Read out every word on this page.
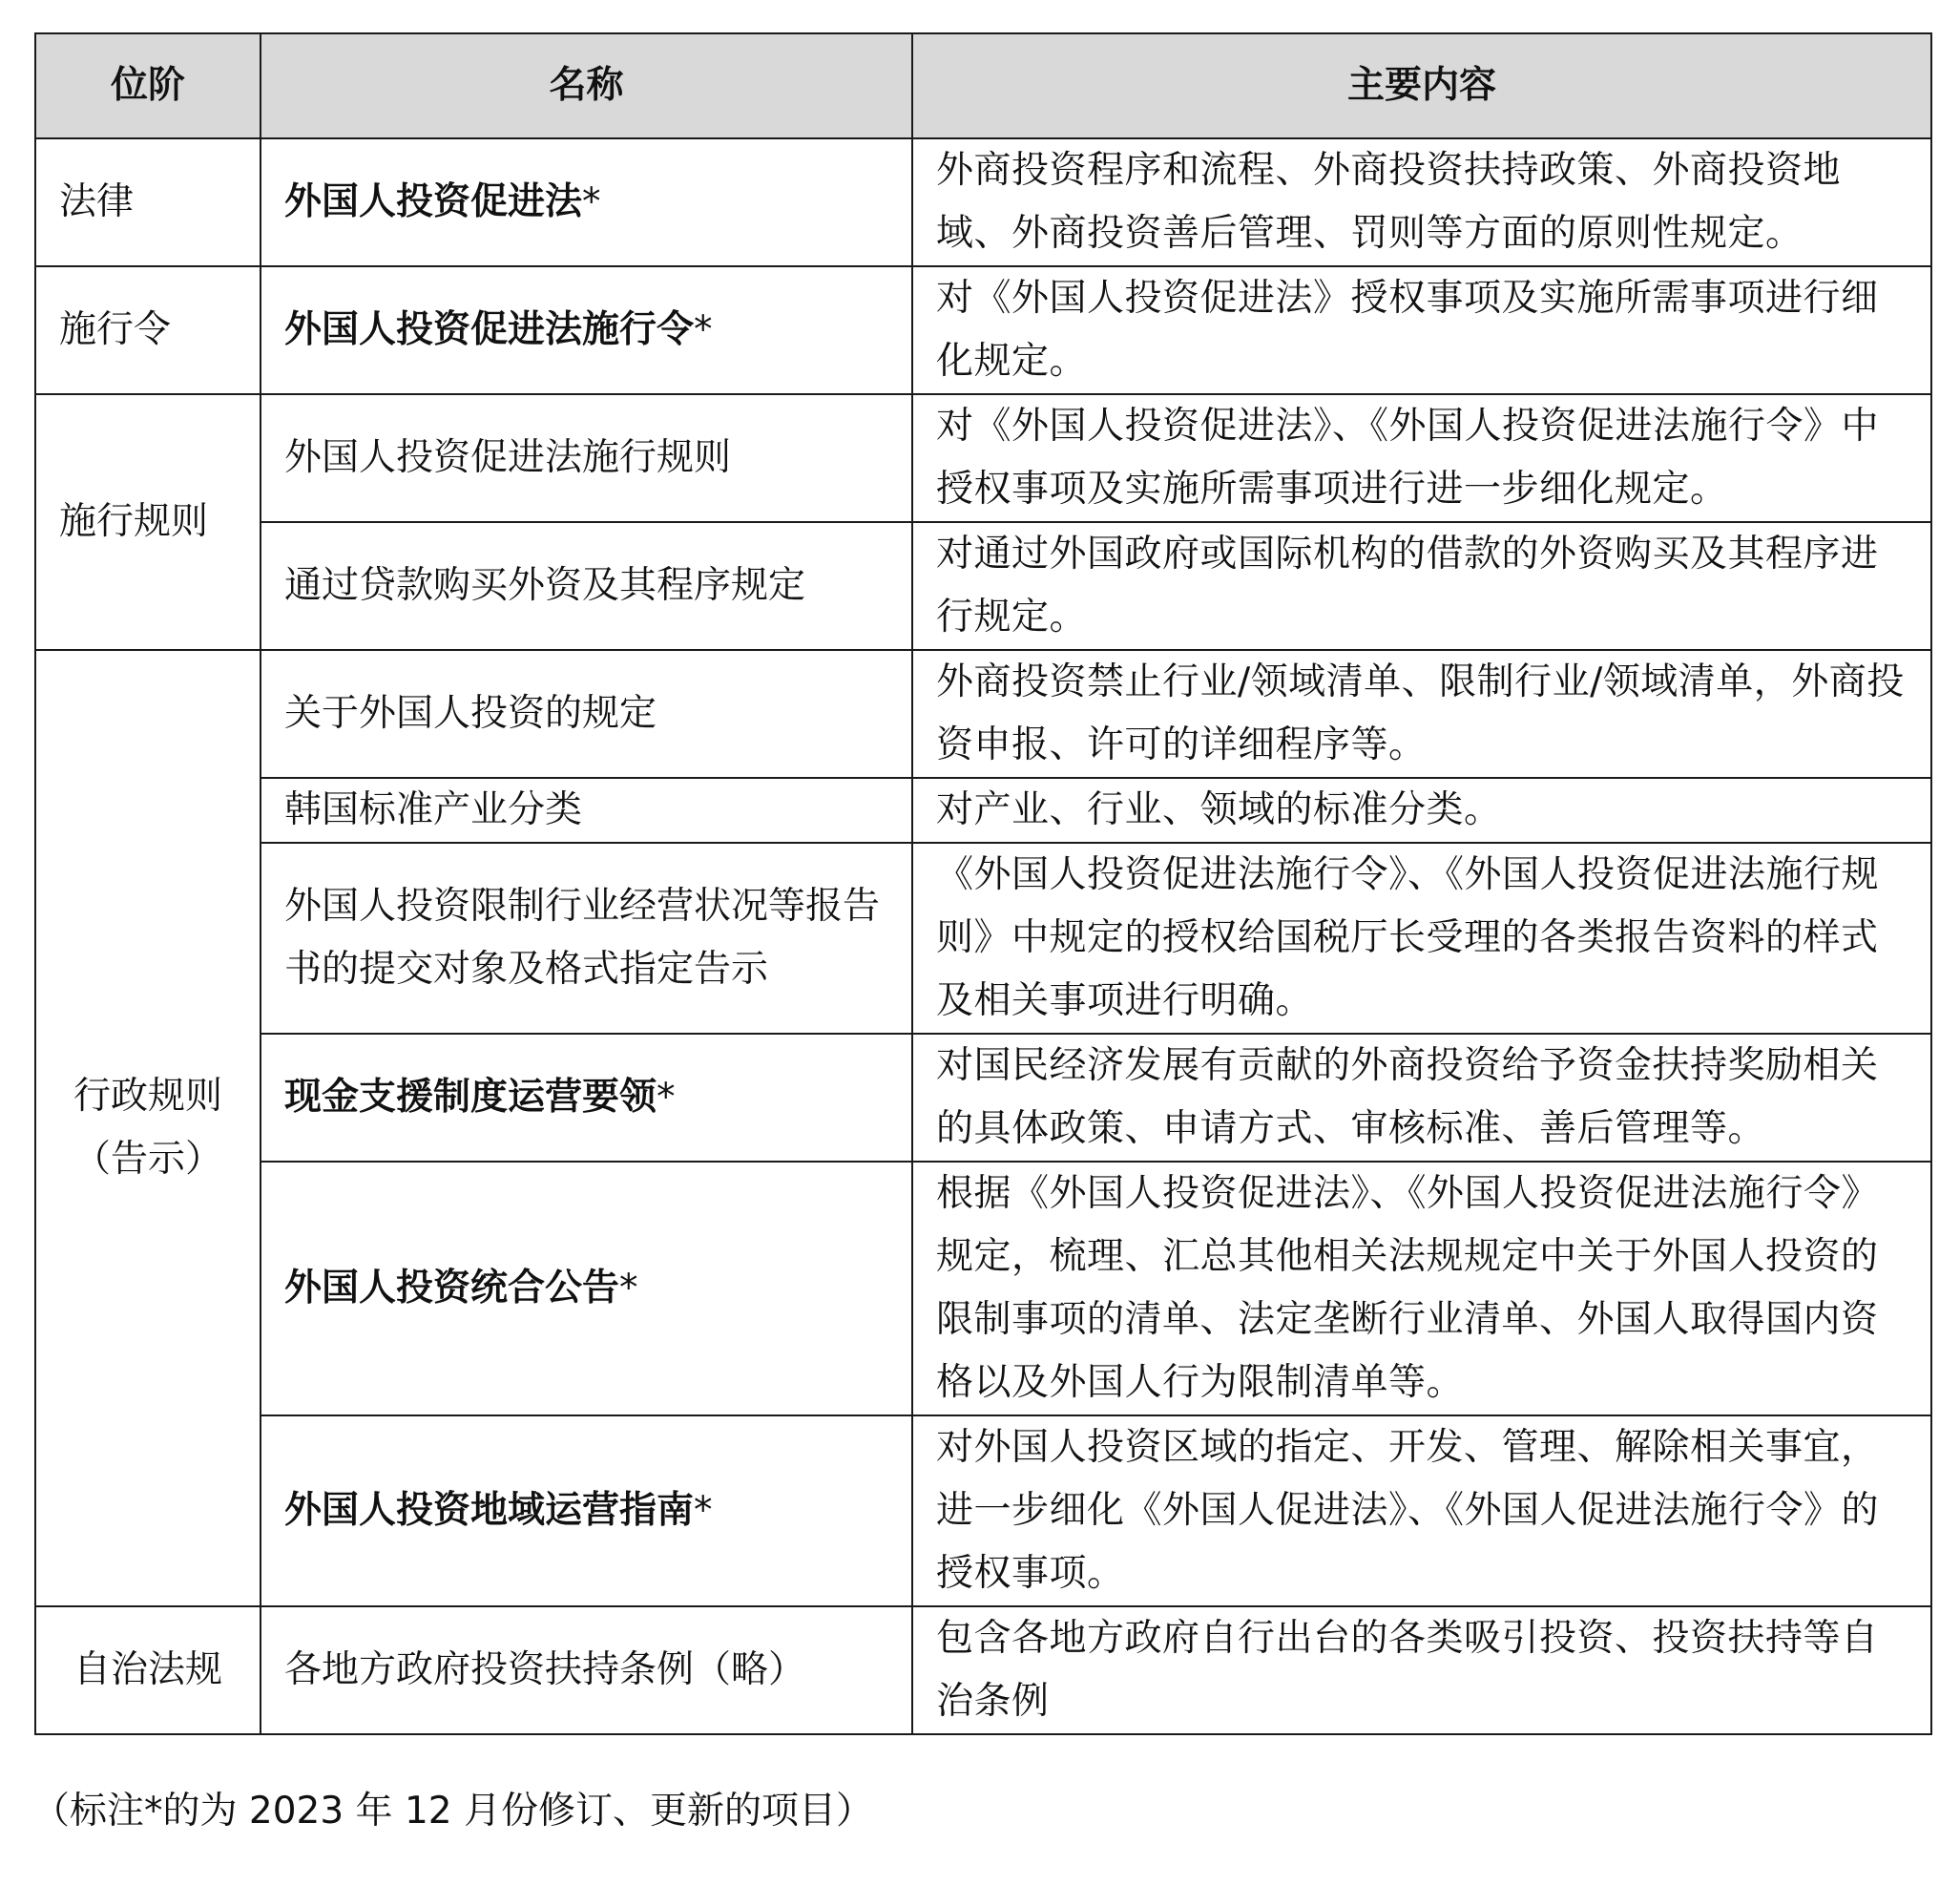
位阶	名称	主要内容
法律	外国人投资促进法*	外商投资程序和流程、外商投资扶持政策、外商投资地域、外商投资善后管理、罚则等方面的原则性规定。
施行令	外国人投资促进法施行令*	对《外国人投资促进法》授权事项及实施所需事项进行细化规定。
施行规则	外国人投资促进法施行规则	对《外国人投资促进法》、《外国人投资促进法施行令》中授权事项及实施所需事项进行进一步细化规定。
	通过贷款购买外资及其程序规定	对通过外国政府或国际机构的借款的外资购买及其程序进行规定。
行政规则（告示）	关于外国人投资的规定	外商投资禁止行业/领域清单、限制行业/领域清单，外商投资申报、许可的详细程序等。
	韩国标准产业分类	对产业、行业、领域的标准分类。
	外国人投资限制行业经营状况等报告书的提交对象及格式指定告示	《外国人投资促进法施行令》、《外国人投资促进法施行规则》中规定的授权给国税厅长受理的各类报告资料的样式及相关事项进行明确。
	现金支援制度运营要领*	对国民经济发展有贡献的外商投资给予资金扶持奖励相关的具体政策、申请方式、审核标准、善后管理等。
	外国人投资统合公告*	根据《外国人投资促进法》、《外国人投资促进法施行令》规定，梳理、汇总其他相关法规规定中关于外国人投资的限制事项的清单、法定垄断行业清单、外国人取得国内资格以及外国人行为限制清单等。
	外国人投资地域运营指南*	对外国人投资区域的指定、开发、管理、解除相关事宜，进一步细化《外国人促进法》、《外国人促进法施行令》的授权事项。
自治法规	各地方政府投资扶持条例（略）	包含各地方政府自行出台的各类吸引投资、投资扶持等自治条例
（标注*的为 2023 年 12 月份修订、更新的项目）
